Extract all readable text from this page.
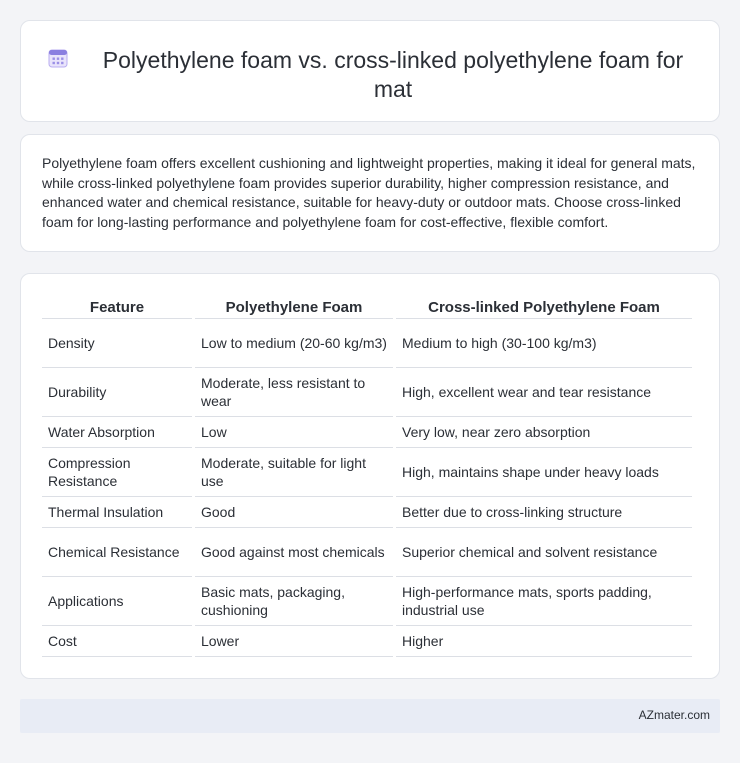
Polyethylene foam vs. cross-linked polyethylene foam for mat

Polyethylene foam offers excellent cushioning and lightweight properties, making it ideal for general mats, while cross-linked polyethylene foam provides superior durability, higher compression resistance, and enhanced water and chemical resistance, suitable for heavy-duty or outdoor mats. Choose cross-linked foam for long-lasting performance and polyethylene foam for cost-effective, flexible comfort.

Feature	Polyethylene Foam	Cross-linked Polyethylene Foam
Density	Low to medium (20-60 kg/m3)	Medium to high (30-100 kg/m3)
Durability	Moderate, less resistant to wear	High, excellent wear and tear resistance
Water Absorption	Low	Very low, near zero absorption
Compression Resistance	Moderate, suitable for light use	High, maintains shape under heavy loads
Thermal Insulation	Good	Better due to cross-linking structure
Chemical Resistance	Good against most chemicals	Superior chemical and solvent resistance
Applications	Basic mats, packaging, cushioning	High-performance mats, sports padding, industrial use
Cost	Lower	Higher
AZmater.com
